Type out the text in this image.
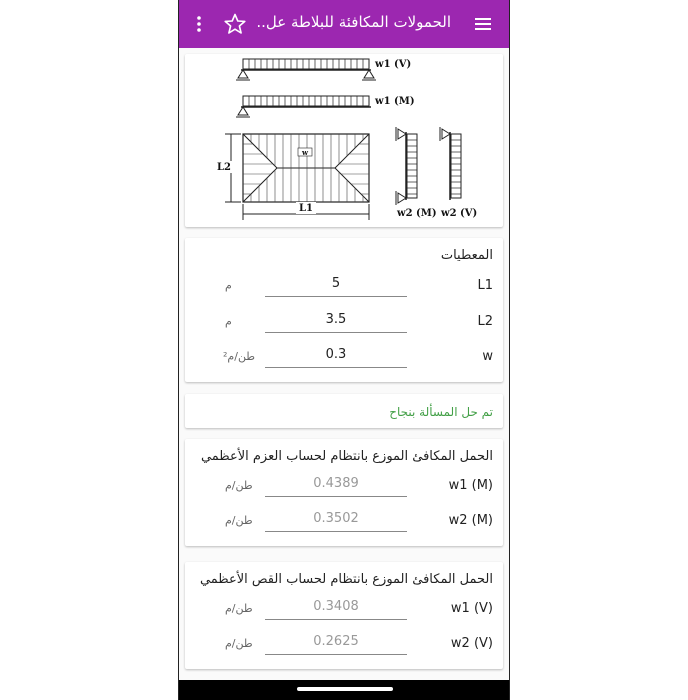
الحمولات المكافئة للبلاطة عل..
w1 (V)
w1 (M)
w
L2
L1	w2 (M) w2 (V)
المعطيات
L1
5
م
L2
3.5
م
w
0.3
طن/م²
تم حل المسألة بنجاح
الحمل المكافئ الموزع بانتظام لحساب العزم الأعظمي
w1 (M)
0.4389
طن/م
w2 (M)
0.3502
طن/م
الحمل المكافئ الموزع بانتظام لحساب القص الأعظمي
w1 (V)
0.3408
طن/م
w2 (V)
0.2625
طن/م
